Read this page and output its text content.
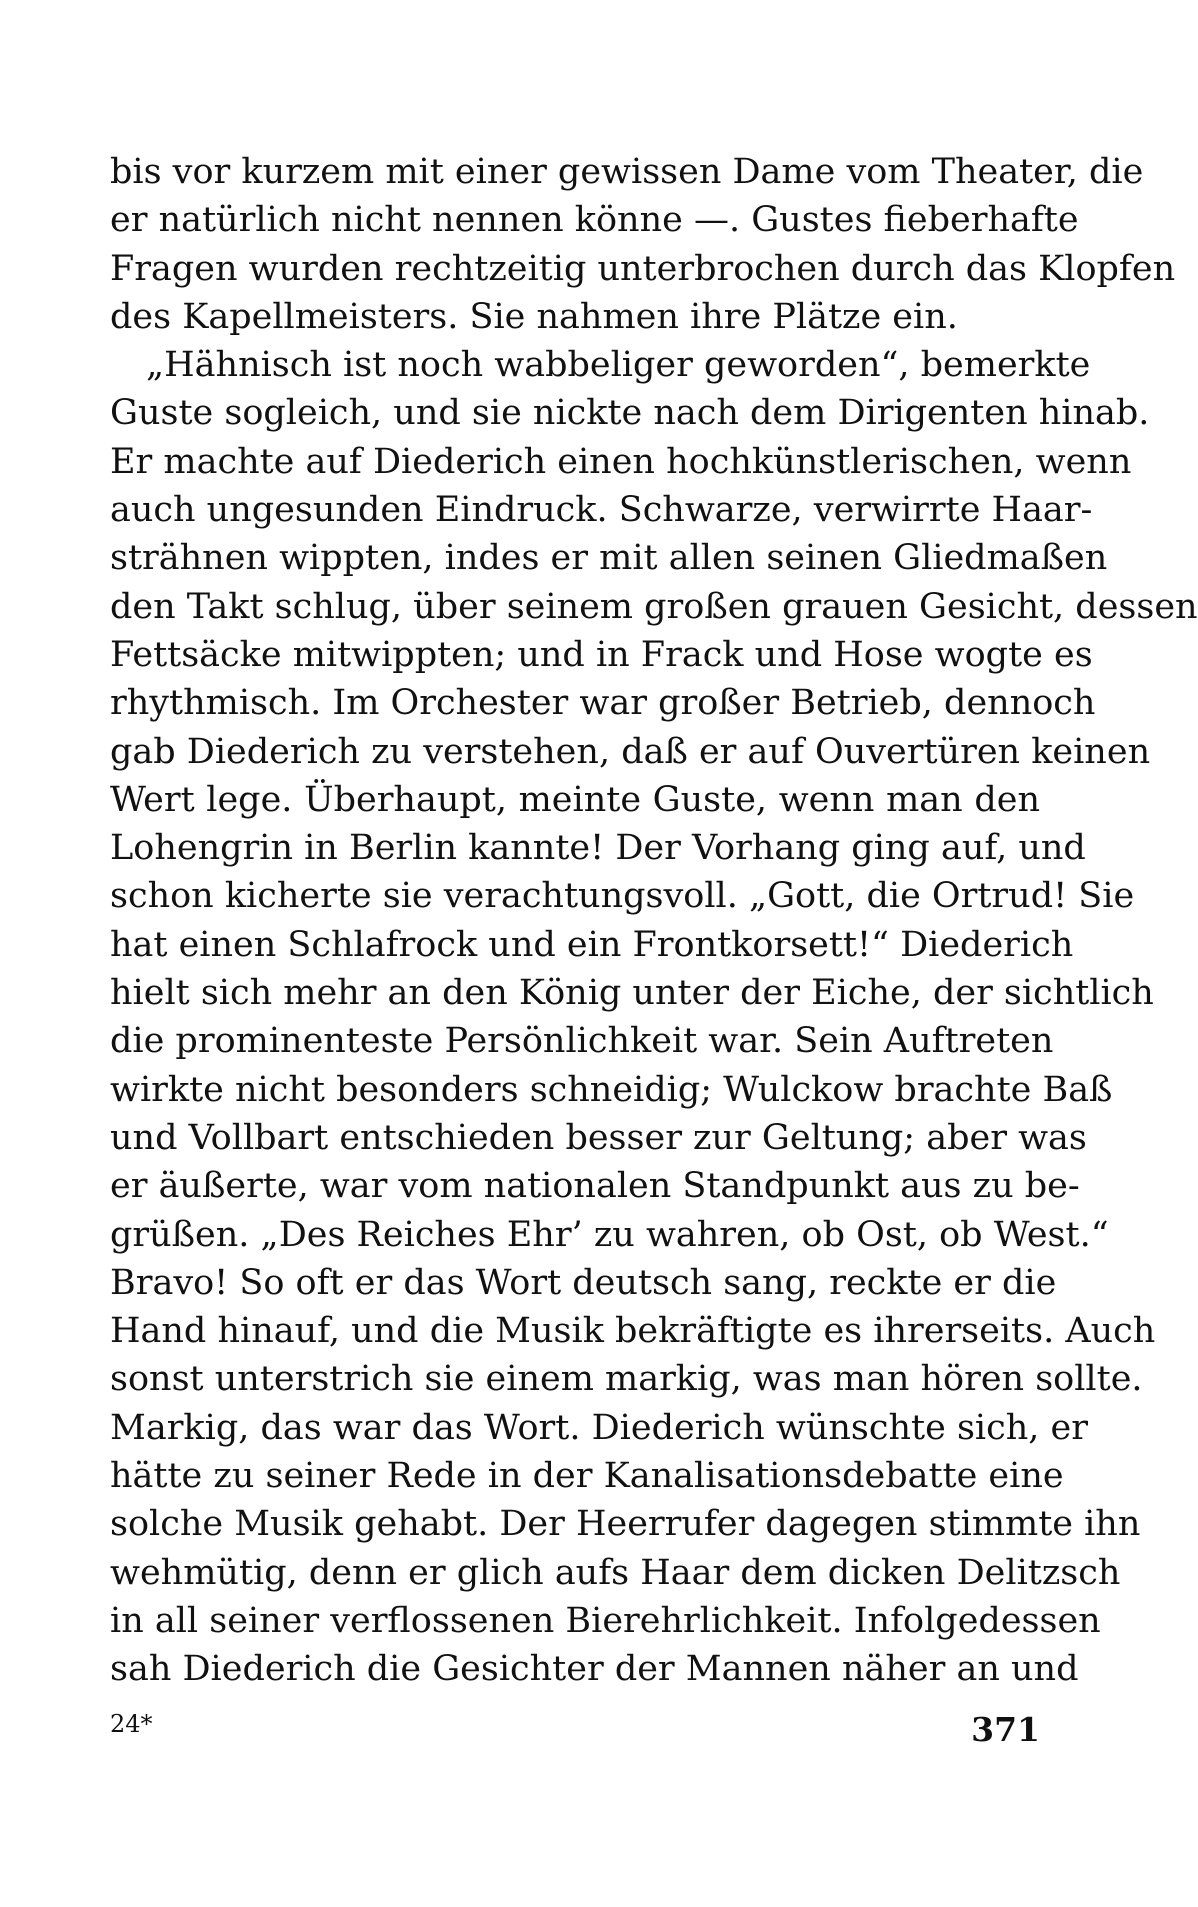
bis vor kurzem mit einer gewissen Dame vom Theater, die
er natürlich nicht nennen könne —. Gustes fieberhafte
Fragen wurden rechtzeitig unterbrochen durch das Klopfen
des Kapellmeisters. Sie nahmen ihre Plätze ein.
„Hähnisch ist noch wabbeliger geworden“, bemerkte
Guste sogleich, und sie nickte nach dem Dirigenten hinab.
Er machte auf Diederich einen hochkünstlerischen, wenn
auch ungesunden Eindruck. Schwarze, verwirrte Haar-
strähnen wippten, indes er mit allen seinen Gliedmaßen
den Takt schlug, über seinem großen grauen Gesicht, dessen
Fettsäcke mitwippten; und in Frack und Hose wogte es
rhythmisch. Im Orchester war großer Betrieb, dennoch
gab Diederich zu verstehen, daß er auf Ouvertüren keinen
Wert lege. Überhaupt, meinte Guste, wenn man den
Lohengrin in Berlin kannte! Der Vorhang ging auf, und
schon kicherte sie verachtungsvoll. „Gott, die Ortrud! Sie
hat einen Schlafrock und ein Frontkorsett!“ Diederich
hielt sich mehr an den König unter der Eiche, der sichtlich
die prominenteste Persönlichkeit war. Sein Auftreten
wirkte nicht besonders schneidig; Wulckow brachte Baß
und Vollbart entschieden besser zur Geltung; aber was
er äußerte, war vom nationalen Standpunkt aus zu be-
grüßen. „Des Reiches Ehr’ zu wahren, ob Ost, ob West.“
Bravo! So oft er das Wort deutsch sang, reckte er die
Hand hinauf, und die Musik bekräftigte es ihrerseits. Auch
sonst unterstrich sie einem markig, was man hören sollte.
Markig, das war das Wort. Diederich wünschte sich, er
hätte zu seiner Rede in der Kanalisationsdebatte eine
solche Musik gehabt. Der Heerrufer dagegen stimmte ihn
wehmütig, denn er glich aufs Haar dem dicken Delitzsch
in all seiner verflossenen Bierehrlichkeit. Infolgedessen
sah Diederich die Gesichter der Mannen näher an und
24*	371
